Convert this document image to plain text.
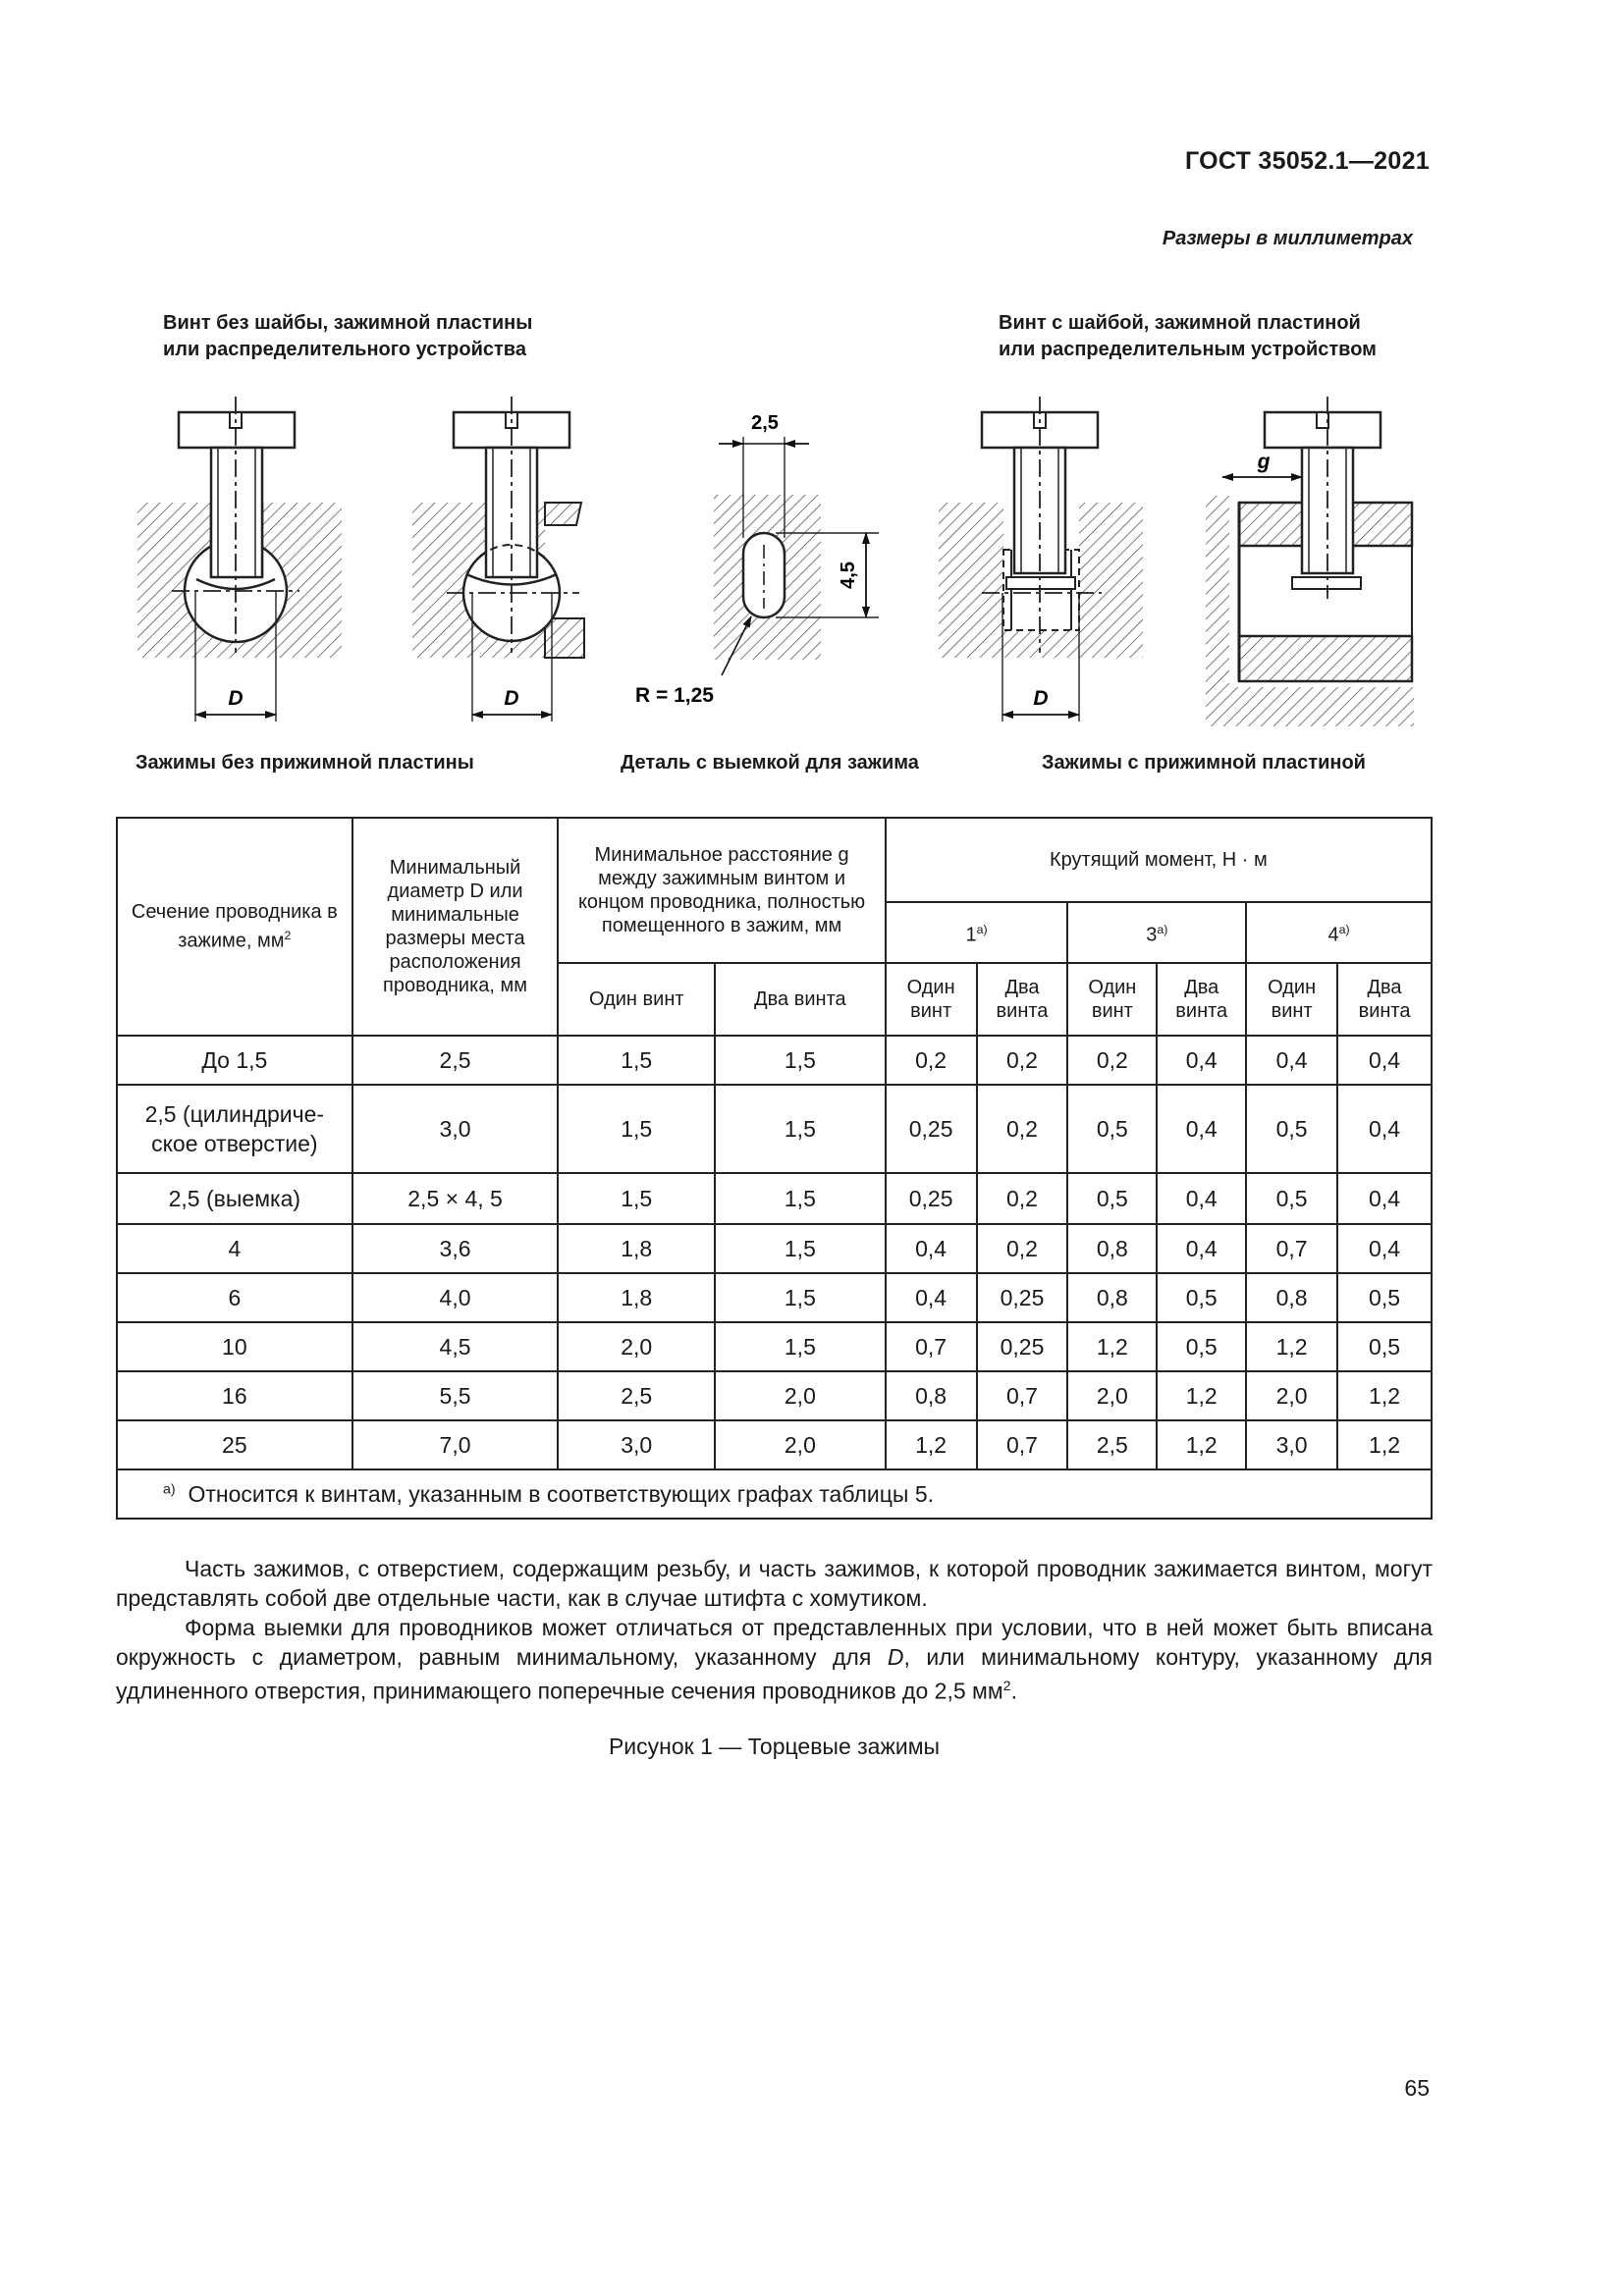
ГОСТ 35052.1—2021
Размеры в миллиметрах
Винт без шайбы, зажимной пластины
или распределительного устройства
Винт с шайбой, зажимной пластиной
или распределительным устройством
D	D
2,5
4,5
R = 1,25	D
g
Зажимы без прижимной пластины	Деталь с выемкой для зажима	Зажимы с прижимной пластиной
Сечение проводника в зажиме, $мм^2$	Минимальный диаметр D или минимальные размеры места расположения проводника, мм	Минимальное расстояние g между зажимным винтом и концом проводника, полностью помещенного в зажим, мм		Крутящий момент, Н · м					
				$1^{а)}$		$3^{а)}$		$4^{а)}$
		Один винт	Два винта	Один винт	Два винта	Один винт	Два винта	Один винт	Два винта
До 1,5	2,5	1,5	1,5	0,2	0,2	0,2	0,4	0,4	0,4
2,5 (цилиндриче-ское отверстие)	3,0	1,5	1,5	0,25	0,2	0,5	0,4	0,5	0,4
2,5 (выемка)	2,5 × 4, 5	1,5	1,5	0,25	0,2	0,5	0,4	0,5	0,4
4	3,6	1,8	1,5	0,4	0,2	0,8	0,4	0,7	0,4
6	4,0	1,8	1,5	0,4	0,25	0,8	0,5	0,8	0,5
10	4,5	2,0	1,5	0,7	0,25	1,2	0,5	1,2	0,5
16	5,5	2,5	2,0	0,8	0,7	2,0	1,2	2,0	1,2
25	7,0	3,0	2,0	1,2	0,7	2,5	1,2	3,0	1,2
$^{а)}$ Относится к винтам, указанным в соответствующих графах таблицы 5.									

Часть зажимов, с отверстием, содержащим резьбу, и часть зажимов, к которой проводник зажимается винтом, могут представлять собой две отдельные части, как в случае штифта с хомутиком.

Форма выемки для проводников может отличаться от представленных при условии, что в ней может быть вписана окружность с диаметром, равным минимальному, указанному для D, или минимальному контуру, указанному для удлиненного отверстия, принимающего поперечные сечения проводников до 2,5 $мм^2$.

Рисунок 1 — Торцевые зажимы
65
